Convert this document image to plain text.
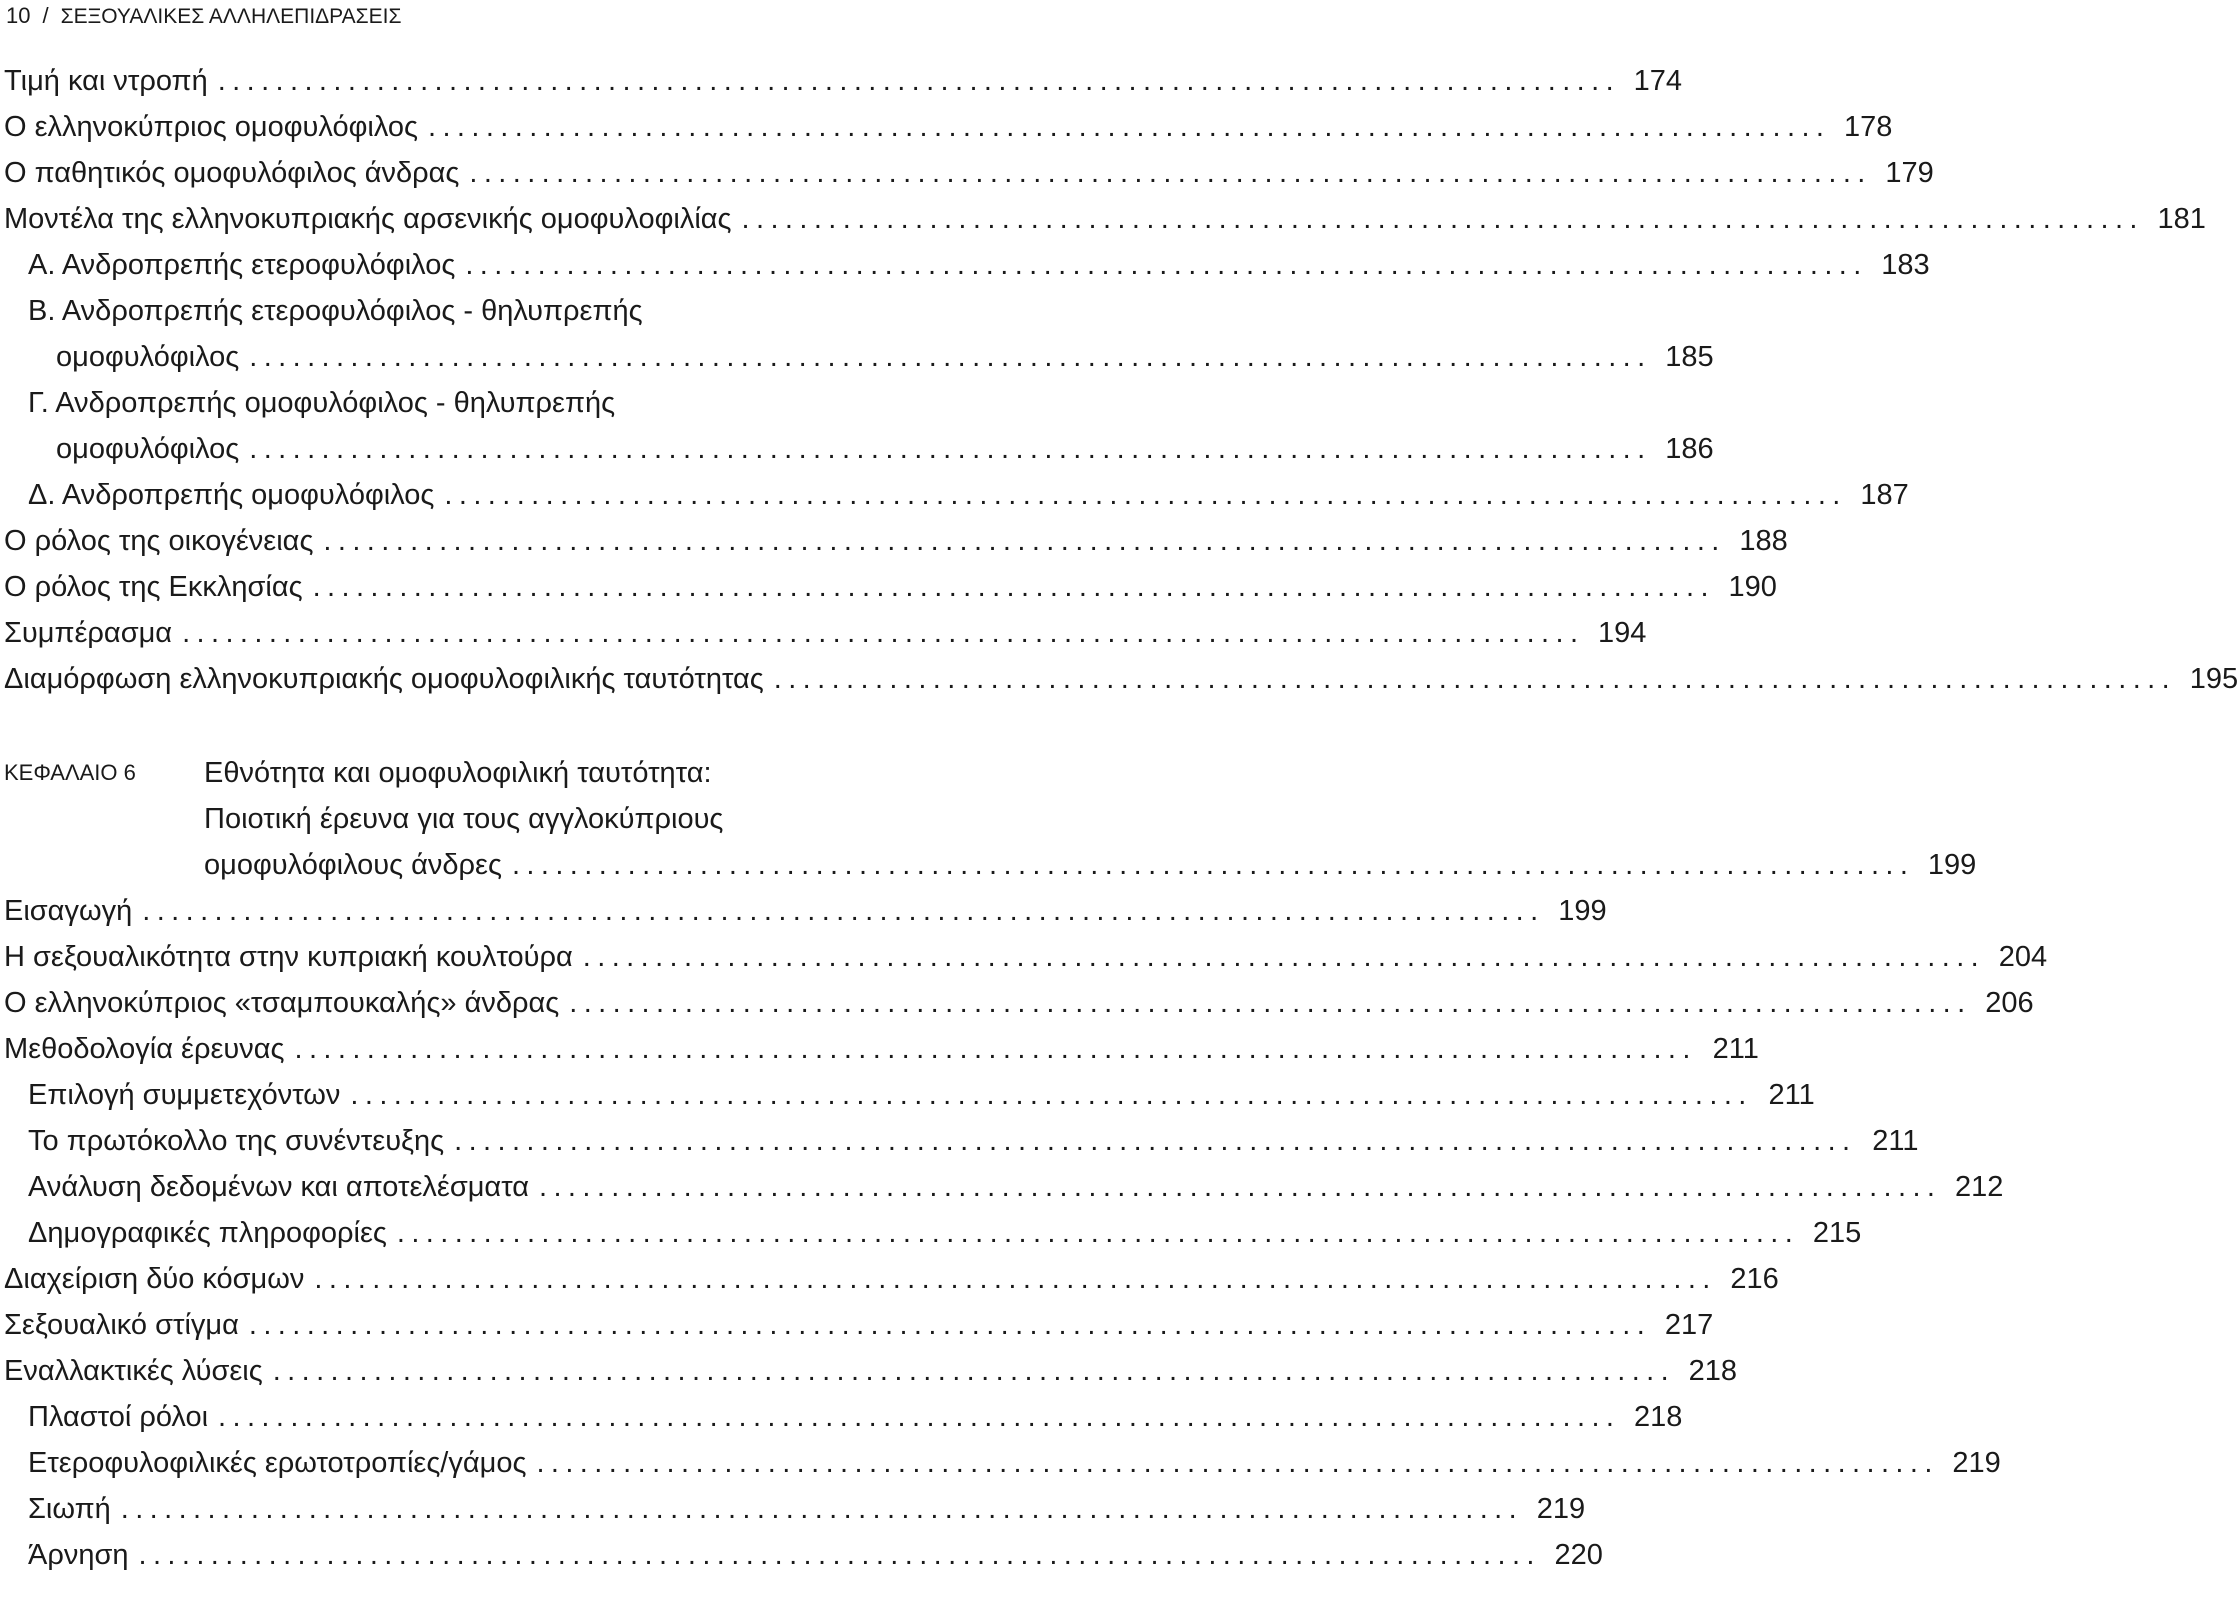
10 / ΣΕΞΟΥΑΛΙΚΕΣ ΑΛΛΗΛΕΠΙΔΡΑΣΕΙΣ
Τιμή και ντροπή ................................................................................................. 174
Ο ελληνοκύπριος ομοφυλόφιλος ................................................................................................. 178
Ο παθητικός ομοφυλόφιλος άνδρας ................................................................................................. 179
Μοντέλα της ελληνοκυπριακής αρσενικής ομοφυλοφιλίας ................................................................................................. 181
Α. Ανδροπρεπής ετεροφυλόφιλος ................................................................................................. 183
Β. Ανδροπρεπής ετεροφυλόφιλος - θηλυπρεπής
ομοφυλόφιλος ................................................................................................. 185
Γ. Ανδροπρεπής ομοφυλόφιλος - θηλυπρεπής
ομοφυλόφιλος ................................................................................................. 186
Δ. Ανδροπρεπής ομοφυλόφιλος ................................................................................................. 187
Ο ρόλος της οικογένειας ................................................................................................. 188
Ο ρόλος της Εκκλησίας ................................................................................................. 190
Συμπέρασμα ................................................................................................. 194
Διαμόρφωση ελληνοκυπριακής ομοφυλοφιλικής ταυτότητας ................................................................................................. 195
ΚΕΦΑΛΑΙΟ 6 Εθνότητα και ομοφυλοφιλική ταυτότητα:
Ποιοτική έρευνα για τους αγγλοκύπριους
ομοφυλόφιλους άνδρες ................................................................................................. 199
Εισαγωγή ................................................................................................. 199
Η σεξουαλικότητα στην κυπριακή κουλτούρα ................................................................................................. 204
Ο ελληνοκύπριος «τσαμπουκαλής» άνδρας ................................................................................................. 206
Μεθοδολογία έρευνας ................................................................................................. 211
Επιλογή συμμετεχόντων ................................................................................................. 211
Το πρωτόκολλο της συνέντευξης ................................................................................................. 211
Ανάλυση δεδομένων και αποτελέσματα ................................................................................................. 212
Δημογραφικές πληροφορίες ................................................................................................. 215
Διαχείριση δύο κόσμων ................................................................................................. 216
Σεξουαλικό στίγμα ................................................................................................. 217
Εναλλακτικές λύσεις ................................................................................................. 218
Πλαστοί ρόλοι ................................................................................................. 218
Ετεροφυλοφιλικές ερωτοτροπίες/γάμος ................................................................................................. 219
Σιωπή ................................................................................................. 219
Άρνηση ................................................................................................. 220
